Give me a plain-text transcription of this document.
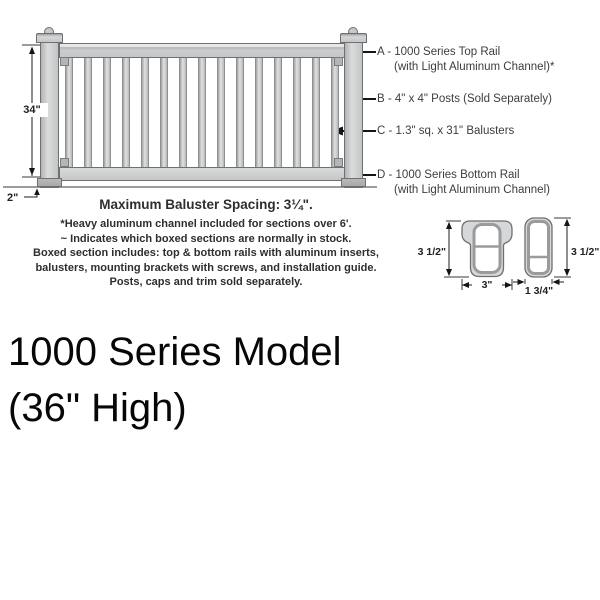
34"
2"
A - 1000 Series Top Rail
(with Light Aluminum Channel)*
B - 4" x 4" Posts (Sold Separately)
C - 1.3" sq. x 31" Balusters
D - 1000 Series Bottom Rail
(with Light Aluminum Channel)
3 1/2"
3"
3 1/2"
1 3/4"
Maximum Baluster Spacing: 3¼".
*Heavy aluminum channel included for sections over 6'.
~ Indicates which boxed sections are normally in stock.
Boxed section includes: top & bottom rails with aluminum inserts,
balusters, mounting brackets with screws, and installation guide.
Posts, caps and trim sold separately.
1000 Series Model
(36" High)
